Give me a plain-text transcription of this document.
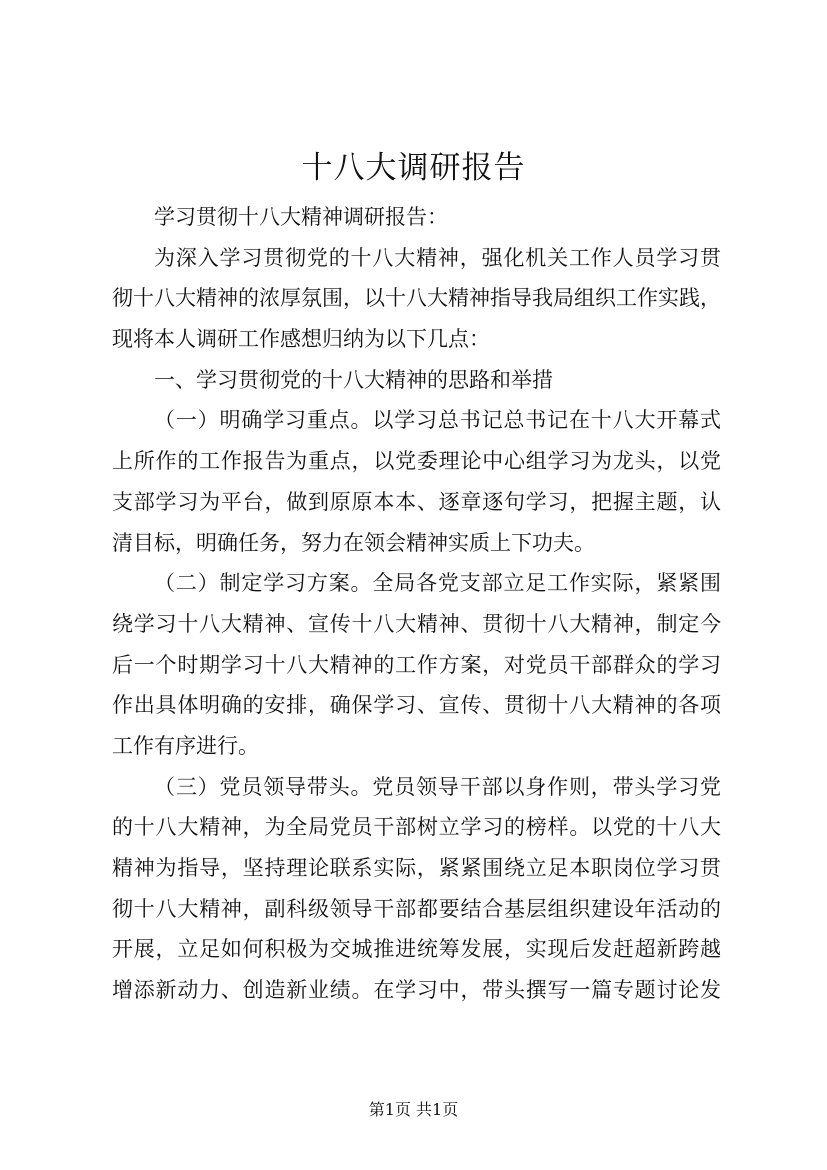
十八大调研报告
学习贯彻十八大精神调研报告：
为深入学习贯彻党的十八大精神，强化机关工作人员学习贯
彻十八大精神的浓厚氛围，以十八大精神指导我局组织工作实践，
现将本人调研工作感想归纳为以下几点：
一、学习贯彻党的十八大精神的思路和举措
（一）明确学习重点。以学习总书记总书记在十八大开幕式
上所作的工作报告为重点，以党委理论中心组学习为龙头，以党
支部学习为平台，做到原原本本、逐章逐句学习，把握主题，认
清目标，明确任务，努力在领会精神实质上下功夫。
（二）制定学习方案。全局各党支部立足工作实际，紧紧围
绕学习十八大精神、宣传十八大精神、贯彻十八大精神，制定今
后一个时期学习十八大精神的工作方案，对党员干部群众的学习
作出具体明确的安排，确保学习、宣传、贯彻十八大精神的各项
工作有序进行。
（三）党员领导带头。党员领导干部以身作则，带头学习党
的十八大精神，为全局党员干部树立学习的榜样。以党的十八大
精神为指导，坚持理论联系实际，紧紧围绕立足本职岗位学习贯
彻十八大精神，副科级领导干部都要结合基层组织建设年活动的
开展，立足如何积极为交城推进统筹发展，实现后发赶超新跨越
增添新动力、创造新业绩。在学习中，带头撰写一篇专题讨论发
第1页 共1页
